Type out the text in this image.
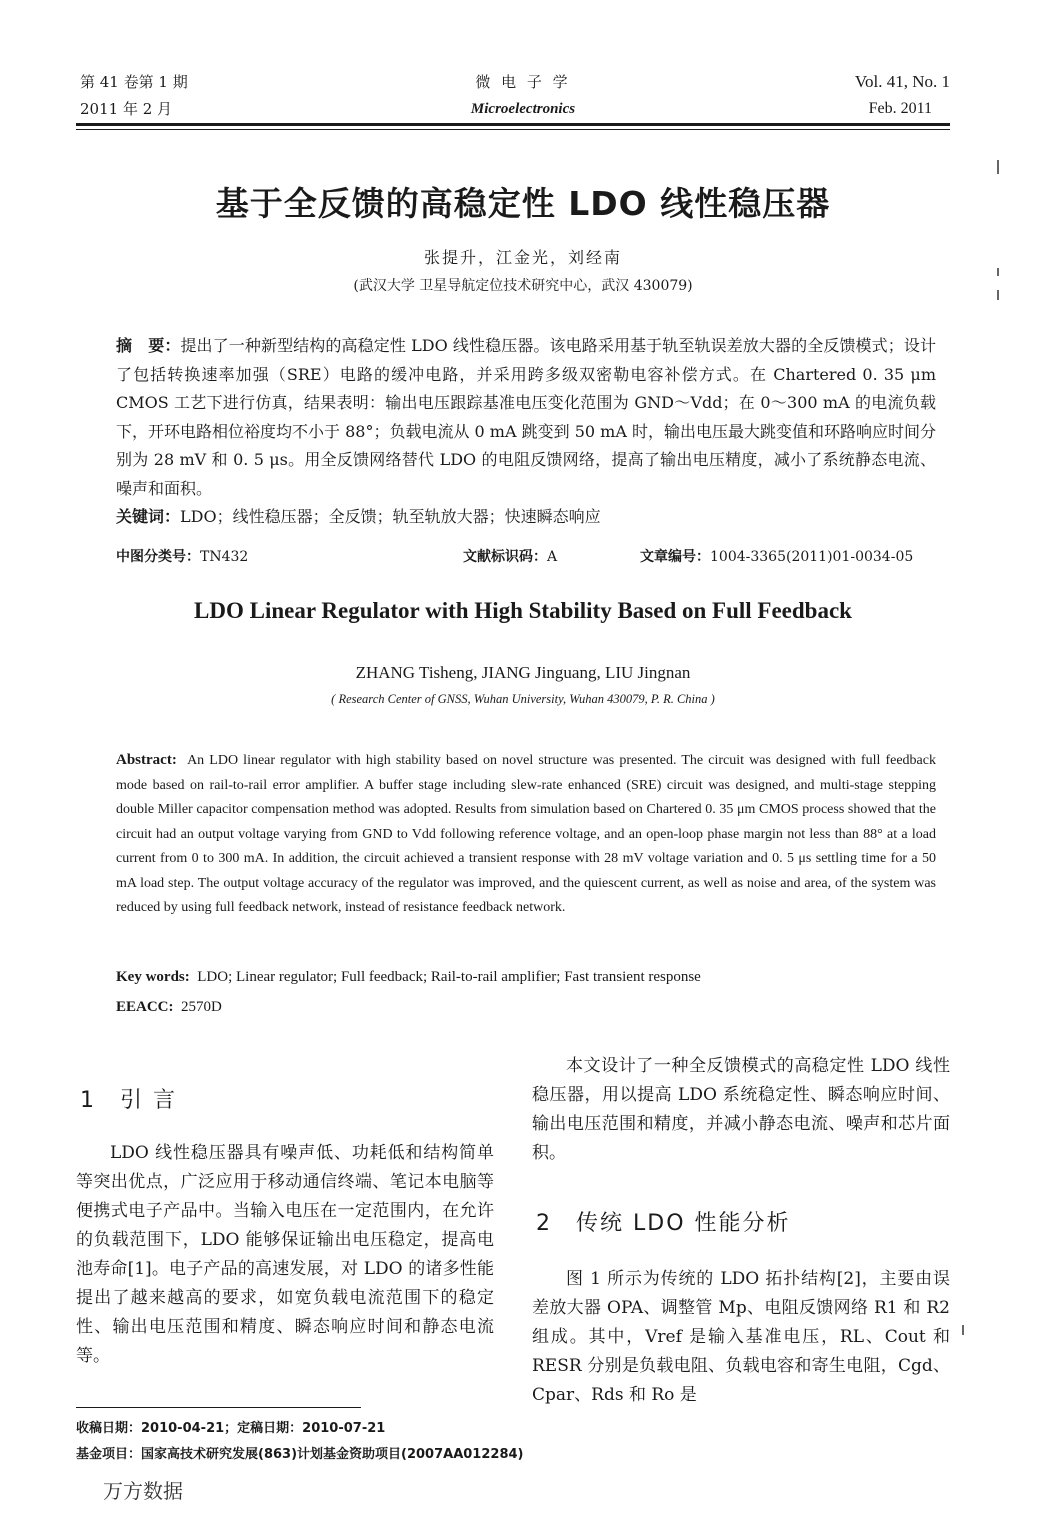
第 41 卷第 1 期
2011 年 2 月
微 电 子 学
Microelectronics
Vol. 41, No. 1
Feb. 2011
基于全反馈的高稳定性 LDO 线性稳压器
张提升，江金光，刘经南
(武汉大学 卫星导航定位技术研究中心，武汉 430079)
摘　要：提出了一种新型结构的高稳定性 LDO 线性稳压器。该电路采用基于轨至轨误差放大器的全反馈模式；设计了包括转换速率加强（SRE）电路的缓冲电路，并采用跨多级双密勒电容补偿方式。在 Chartered 0. 35 μm CMOS 工艺下进行仿真，结果表明：输出电压跟踪基准电压变化范围为 GND～Vdd；在 0～300 mA 的电流负载下，开环电路相位裕度均不小于 88°；负载电流从 0 mA 跳变到 50 mA 时，输出电压最大跳变值和环路响应时间分别为 28 mV 和 0. 5 μs。用全反馈网络替代 LDO 的电阻反馈网络，提高了输出电压精度，减小了系统静态电流、噪声和面积。
关键词：LDO；线性稳压器；全反馈；轨至轨放大器；快速瞬态响应
中图分类号：TN432	文献标识码：A	文章编号：1004-3365(2011)01-0034-05
LDO Linear Regulator with High Stability Based on Full Feedback
ZHANG Tisheng, JIANG Jinguang, LIU Jingnan
( Research Center of GNSS, Wuhan University, Wuhan 430079, P. R. China )
Abstract: An LDO linear regulator with high stability based on novel structure was presented. The circuit was designed with full feedback mode based on rail-to-rail error amplifier. A buffer stage including slew-rate enhanced (SRE) circuit was designed, and multi-stage stepping double Miller capacitor compensation method was adopted. Results from simulation based on Chartered 0. 35 μm CMOS process showed that the circuit had an output voltage varying from GND to Vdd following reference voltage, and an open-loop phase margin not less than 88° at a load current from 0 to 300 mA. In addition, the circuit achieved a transient response with 28 mV voltage variation and 0. 5 μs settling time for a 50 mA load step. The output voltage accuracy of the regulator was improved, and the quiescent current, as well as noise and area, of the system was reduced by using full feedback network, instead of resistance feedback network.
Key words: LDO; Linear regulator; Full feedback; Rail-to-rail amplifier; Fast transient response
EEACC: 2570D
1　引 言
LDO 线性稳压器具有噪声低、功耗低和结构简单等突出优点，广泛应用于移动通信终端、笔记本电脑等便携式电子产品中。当输入电压在一定范围内，在允许的负载范围下，LDO 能够保证输出电压稳定，提高电池寿命[1]。电子产品的高速发展，对 LDO 的诸多性能提出了越来越高的要求，如宽负载电流范围下的稳定性、输出电压范围和精度、瞬态响应时间和静态电流等。
本文设计了一种全反馈模式的高稳定性 LDO 线性稳压器，用以提高 LDO 系统稳定性、瞬态响应时间、输出电压范围和精度，并减小静态电流、噪声和芯片面积。
2　传统 LDO 性能分析
图 1 所示为传统的 LDO 拓扑结构[2]，主要由误差放大器 OPA、调整管 Mp、电阻反馈网络 R1 和 R2 组成。其中，Vref 是输入基准电压，RL、Cout 和 RESR 分别是负载电阻、负载电容和寄生电阻，Cgd、Cpar、Rds 和 Ro 是
收稿日期：2010-04-21；定稿日期：2010-07-21
基金项目：国家高技术研究发展(863)计划基金资助项目(2007AA012284)
万方数据
